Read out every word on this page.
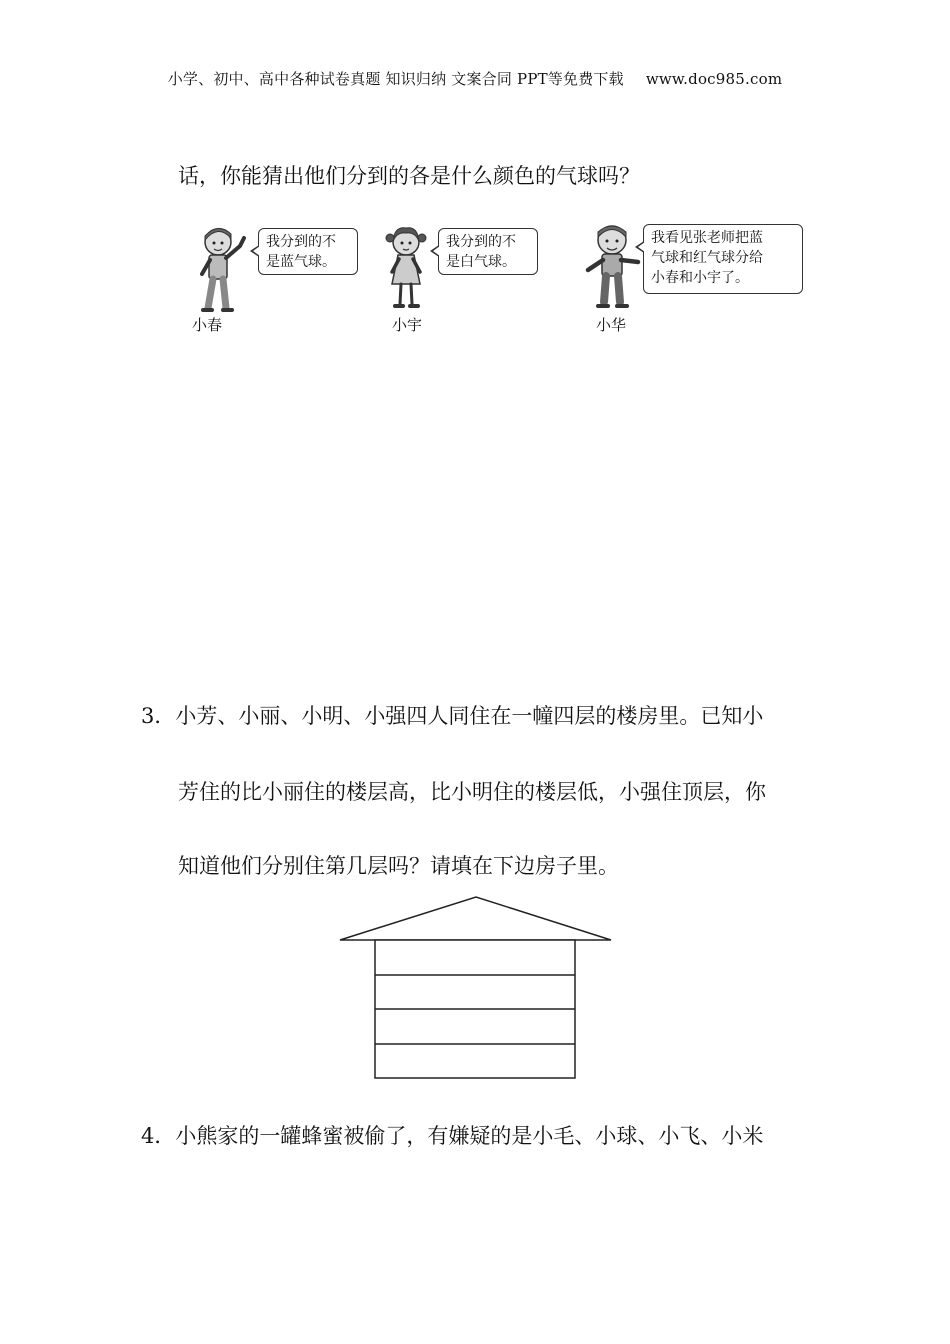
小学、初中、高中各种试卷真题 知识归纳 文案合同 PPT等免费下载 www.doc985.com
话，你能猜出他们分到的各是什么颜色的气球吗？
我分到的不
是蓝气球。
小春
我分到的不
是白气球。
小宇
我看见张老师把蓝
气球和红气球分给
小春和小宇了。
小华
3．小芳、小丽、小明、小强四人同住在一幢四层的楼房里。已知小
芳住的比小丽住的楼层高，比小明住的楼层低，小强住顶层，你
知道他们分别住第几层吗？请填在下边房子里。
4．小熊家的一罐蜂蜜被偷了，有嫌疑的是小毛、小球、小飞、小米
